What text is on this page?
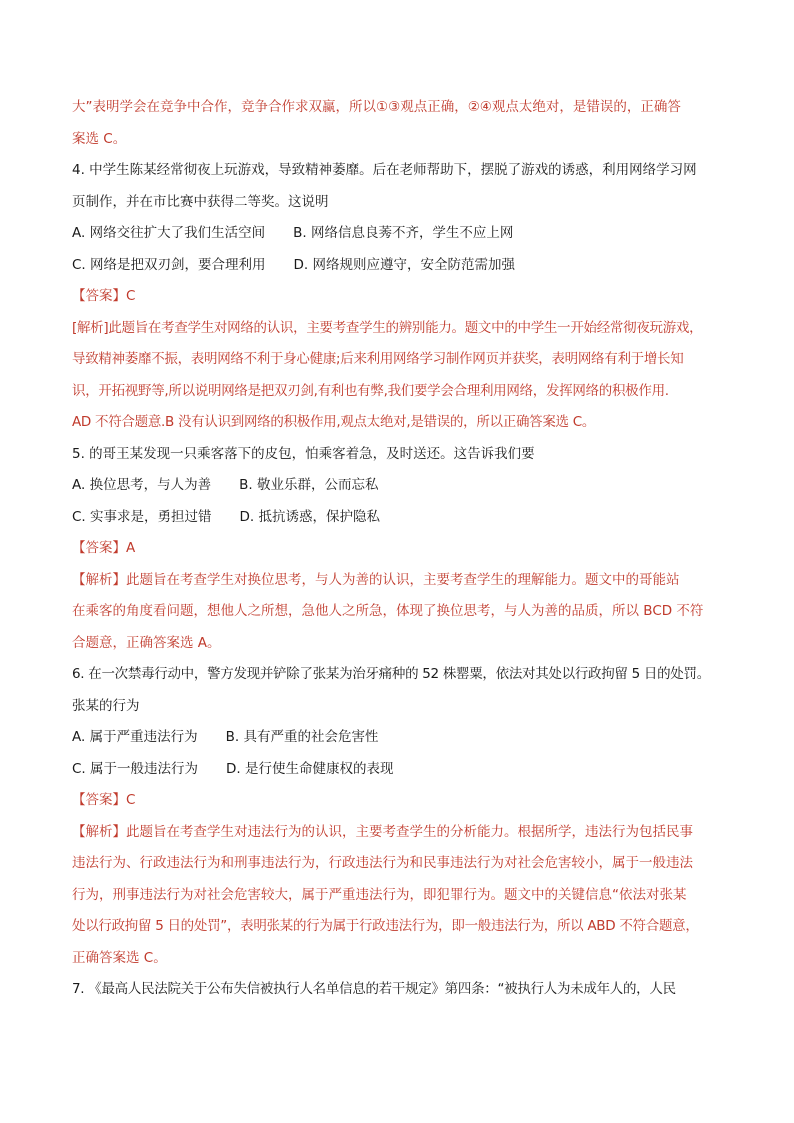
大”表明学会在竞争中合作，竞争合作求双赢，所以①③观点正确，②④观点太绝对，是错误的，正确答
案选 C。
4. 中学生陈某经常彻夜上玩游戏，导致精神萎靡。后在老师帮助下，摆脱了游戏的诱惑，利用网络学习网
页制作，并在市比赛中获得二等奖。这说明
A. 网络交往扩大了我们生活空间 B. 网络信息良莠不齐，学生不应上网
C. 网络是把双刃剑，要合理利用 D. 网络规则应遵守，安全防范需加强
【答案】C
[解析]此题旨在考查学生对网络的认识，主要考查学生的辨别能力。题文中的中学生一开始经常彻夜玩游戏，
导致精神萎靡不振，表明网络不利于身心健康;后来利用网络学习制作网页并获奖，表明网络有利于增长知
识，开拓视野等,所以说明网络是把双刃剑,有利也有弊,我们要学会合理利用网络，发挥网络的积极作用.
AD 不符合题意.B 没有认识到网络的积极作用,观点太绝对,是错误的，所以正确答案选 C。
5. 的哥王某发现一只乘客落下的皮包，怕乘客着急，及时送还。这告诉我们要
A. 换位思考，与人为善 B. 敬业乐群，公而忘私
C. 实事求是，勇担过错 D. 抵抗诱惑，保护隐私
【答案】A
【解析】此题旨在考查学生对换位思考，与人为善的认识，主要考查学生的理解能力。题文中的哥能站
在乘客的角度看问题，想他人之所想，急他人之所急，体现了换位思考，与人为善的品质，所以 BCD 不符
合题意，正确答案选 A。
6. 在一次禁毒行动中，警方发现并铲除了张某为治牙痛种的 52 株罂粟，依法对其处以行政拘留 5 日的处罚。
张某的行为
A. 属于严重违法行为 B. 具有严重的社会危害性
C. 属于一般违法行为 D. 是行使生命健康权的表现
【答案】C
【解析】此题旨在考查学生对违法行为的认识，主要考查学生的分析能力。根据所学，违法行为包括民事
违法行为、行政违法行为和刑事违法行为，行政违法行为和民事违法行为对社会危害较小，属于一般违法
行为，刑事违法行为对社会危害较大，属于严重违法行为，即犯罪行为。题文中的关键信息“依法对张某
处以行政拘留 5 日的处罚”，表明张某的行为属于行政违法行为，即一般违法行为，所以 ABD 不符合题意，
正确答案选 C。
7. 《最高人民法院关于公布失信被执行人名单信息的若干规定》第四条：“被执行人为未成年人的，人民
